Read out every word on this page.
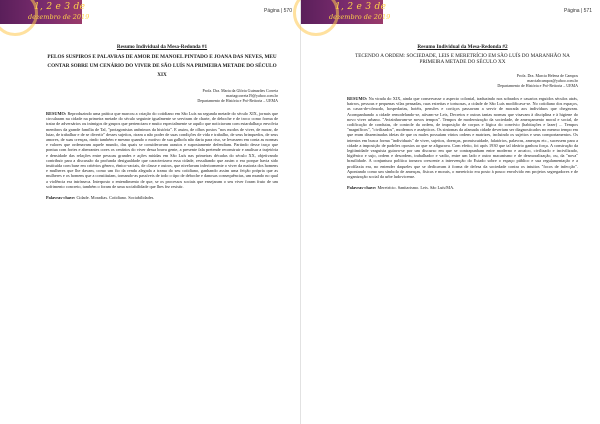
1, 2 e 3 de
dezembro de 2019
Página | 570
Resumo Individual da Mesa-Redonda #1
PELOS SUSPIROS E PALAVRAS DE AMOR DE MANOEL PINTADO E JOANA DAS NEVES, MEU CONTAR SOBRE UM CENÁRIO DO VIVER DE SÃO LUÍS NA PRIMEIRA METADE DO SÉCULO XIX
Profa. Dra. Maria da Glória Guimarães Correia
mariagcorreia19@yahoo.com.br
Departamento de História e Pró-Reitoria – UEMA
RESUMO: Reproduzindo uma prática que marcou a criação do cotidiano em São Luís na segunda metade do século XIX, jornais que circularam na cidade na primeira metade do século seguinte igualmente se serviram de charte, de deboche e de troco como forma de tratar de adversários ou inimigos de grupos que pertenciam e muito especialmente se aquilo que noticiavam com estardalhaço envolvia membros da grande família de Tal, "protagonistas anônimos da história". E assim, de olhos postos "nos modos de viver, de morar, de lutar, de trabalhar e de se divertir" desses sujeitos, riram a não poder de suas condições de vida e trabalho, de seus brinquedos, de seus amores, de suas crenças, rindo também e mesmo quando o motivo de sua galhofa não daria para riso, se levassem em conta as normas e valores que ordenavam aquele mundo, das quais se consideravam arautos e supostamente defendiam. Partindo desse traço que pontua com fortes e aberrantes cores os cenários do viver dessa brava gente, a presente fala pretende reconstruir e analisar a trajetória e densidade das relações entre pessoas grandes e ações miúdas em São Luís nas primeiras décadas do século XX, objetivando contribuir para a discussão da profunda desigualdade que caracterizava essa cidade, ressaltando que assim o era porque havia sido instituída com base em critérios gênero, étnico-raciais, de classe e outros, que nivelavam inferiormente o viver da maioria dos homens e mulheres que lhe davam, como um fio da renda alegada a trama do seu cotidiano, ganhando assim uma feição própria que as mulheres e os homens que a constituíam, tornando-as passíveis de todo o tipo de deboche e danosas consequências, um mundo no qual a violência era intrínseca. Interposto o entendimento de que, se os processos sociais que ensejaram o seu viver foram fruto de um sofrimento concreto, também o foram de uma sociabilidade que lhes fez resistir.
Palavras-chave: Cidade. Moradias. Cotidiano. Sociabilidades.
1, 2 e 3 de
dezembro de 2019
Página | 571
Resumo Individual da Mesa-Redonda #2
TECENDO A ORDEM: SOCIEDADE, LEIS E MERETRÍCIO EM SÃO LUÍS DO MARANHÃO NA PRIMEIRA METADE DO SÉCULO XX
Profa. Dra. Marcia Helena de Campos
marciahcampos@yahoo.com.br
Departamento de História e Pró-Reitoria – UEMA
RESUMO: Na virada do XIX, ainda que conservasse o aspecto colonial, traduzindo nos sobrados e casarios erguidos séculos atrás, bairros, pessoas e pequenas vilas pensadas, ruas estreitas e tortuosas, a cidade de São Luís modificava-se. No cotidiano dos espaços, as casas-de-cômodo, hospedarias, hotéis, pensões e cortiços passavam a servir de morada aos indivíduos que chegavam. Acompanhando a cidade remodelando-se, ativam-se Leis, Decretos e outras tantas normas que visavam à disciplina e à higiene do novo viver urbano. "Avizinhavam-se novos tempos". Tempos de modernização da sociedade, de ameaçamento moral e social, de codificação de condutas, de controle da ordem, de imposição de corpos e lógica do convívio (habitações e lazer) ... Tempos "magníficos", "civilizados", modernos e assépticos. Os sintomas da afamada cidade deveriam ser diagnosticados no mesmo tempo em que eram disseminadas ideias de que os males possuíam vários ordens e matrizes, incluindo os sujeitos e seus comportamentos. Os intentos em busca forma "individuais" de viver, sujeitos, doenças, promiscuidade, falatórios, palavras, ameaças etc., sucessem para a cidade a imposição de padrões opostos ao que se afigurava. Com efeito, foi após 1930 que tal ideário ganhou força. A construção da legitimidade varguista guiava-se por um discurso em que se contrapunham entre moderno e arcaico, civilizado e incivilizado, higiênico e sujo, ordem e desordem, trabalhador e vadio, entre um lado e outro macanismo e de desmoralização, ou, da "nova" brasilidade. A conjuntura política tornava crescente a intervenção do Estado sobre o espaço público e sua regulamentação e a profilaxia era, no entender daqueles que se dedicavam à forma de defesa da sociedade contra os intuitos "focos de infecção". Apontando como um símbolo de ameaças, físicas e morais, o meretrício era posto à pouco envolvido em projetos segregadores e de organização social da urbe ludovicense.
Palavras-chave: Meretrício. Sanitarismo. Leis. São Luís/MA.
